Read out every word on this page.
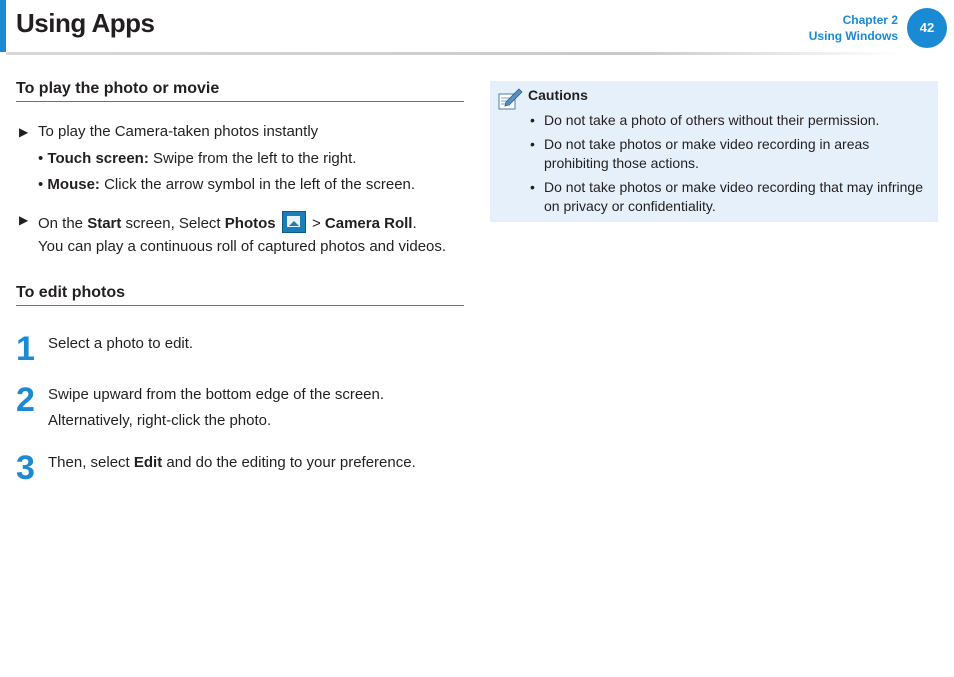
Using Apps	Chapter 2
Using Windows
42
To play the photo or movie
▶ To play the Camera-taken photos instantly
• Touch screen: Swipe from the left to the right.
• Mouse: Click the arrow symbol in the left of the screen.
▶ On the Start screen, Select Photos  > Camera Roll.
You can play a continuous roll of captured photos and videos.
To edit photos
1 Select a photo to edit.
2 Swipe upward from the bottom edge of the screen.
Alternatively, right-click the photo.
3 Then, select Edit and do the editing to your preference.
Cautions
• Do not take a photo of others without their permission.
• Do not take photos or make video recording in areas prohibiting those actions.
• Do not take photos or make video recording that may infringe on privacy or confidentiality.
